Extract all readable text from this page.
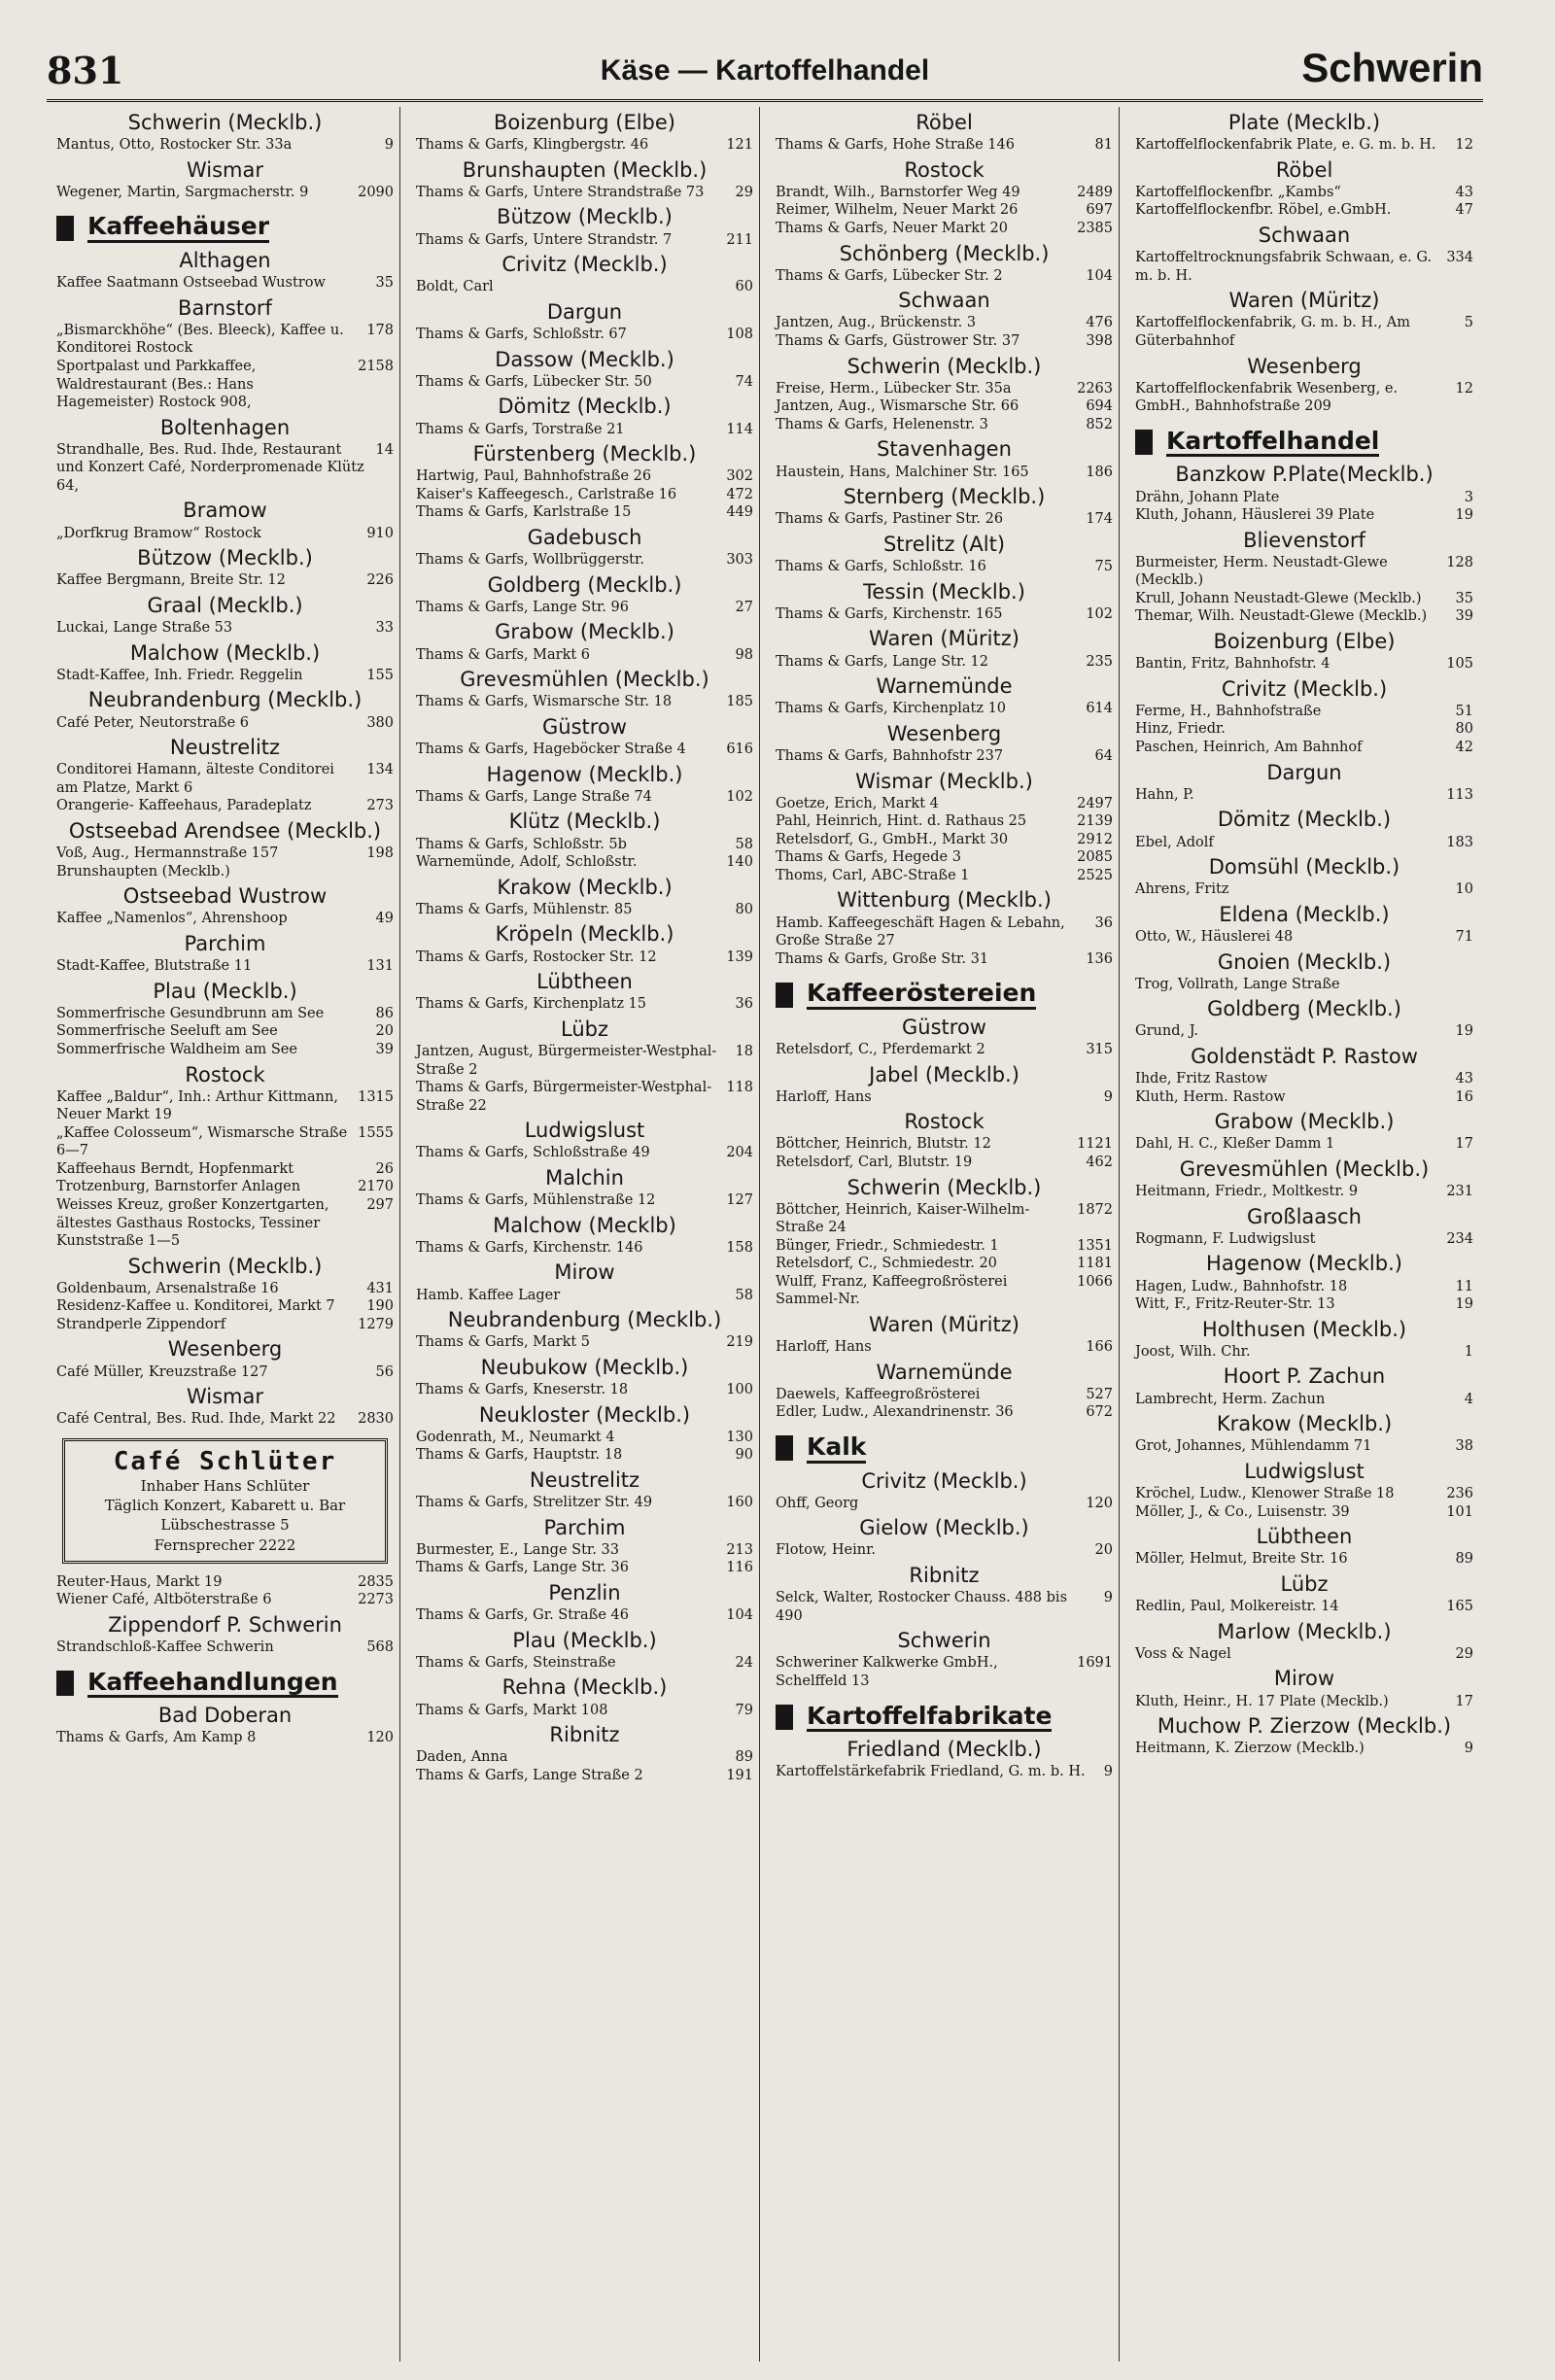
831	Käse — Kartoffelhandel	Schwerin
Schwerin (Mecklb.)
Mantus, Otto, Rostocker Str. 33a	9
Wismar
Wegener, Martin, Sargmacherstr. 9	2090
Kaffeehäuser
Althagen
Kaffee Saatmann Ostseebad Wustrow	35
Barnstorf
„Bismarckhöhe“ (Bes. Bleeck), Kaffee u. Konditorei Rostock
178
Sportpalast und Parkkaffee, Waldrestaurant (Bes.: Hans Hagemeister) Rostock 908,
2158
Boltenhagen
Strandhalle, Bes. Rud. Ihde, Restaurant und Konzert Café, Norderpromenade Klütz 64,
14
Bramow
„Dorfkrug Bramow“ Rostock	910
Bützow (Mecklb.)
Kaffee Bergmann, Breite Str. 12	226
Graal (Mecklb.)
Luckai, Lange Straße 53	33
Malchow (Mecklb.)
Stadt-Kaffee, Inh. Friedr. Reggelin	155
Neubrandenburg (Mecklb.)
Café Peter, Neutorstraße 6	380
Neustrelitz
Conditorei Hamann, älteste Conditorei am Platze, Markt 6
134
Orangerie- Kaffeehaus, Paradeplatz	273
Ostseebad Arendsee (Mecklb.)
Voß, Aug., Hermannstraße 157 Brunshaupten (Mecklb.)
198
Ostseebad Wustrow
Kaffee „Namenlos“, Ahrenshoop	49
Parchim
Stadt-Kaffee, Blutstraße 11	131
Plau (Mecklb.)
Sommerfrische Gesundbrunn am See	86
Sommerfrische Seeluft am See	20
Sommerfrische Waldheim am See	39
Rostock
Kaffee „Baldur“, Inh.: Arthur Kittmann, Neuer Markt 19
1315
„Kaffee Colosseum“, Wismarsche Straße 6—7
1555
Kaffeehaus Berndt, Hopfenmarkt	26
Trotzenburg, Barnstorfer Anlagen	2170
Weisses Kreuz, großer Konzertgarten, ältestes Gasthaus Rostocks, Tessiner Kunststraße 1—5
297
Schwerin (Mecklb.)
Goldenbaum, Arsenalstraße 16	431
Residenz-Kaffee u. Konditorei, Markt 7	190
Strandperle Zippendorf	1279
Wesenberg
Café Müller, Kreuzstraße 127	56
Wismar
Café Central, Bes. Rud. Ihde, Markt 22	2830
Café Schlüter
Inhaber Hans Schlüter
Täglich Konzert, Kabarett u. Bar
Lübschestrasse 5
Fernsprecher 2222
Reuter-Haus, Markt 19	2835
Wiener Café, Altböterstraße 6	2273
Zippendorf P. Schwerin
Strandschloß-Kaffee Schwerin	568
Kaffeehandlungen
Bad Doberan
Thams & Garfs, Am Kamp 8	120
Boizenburg (Elbe)
Thams & Garfs, Klingbergstr. 46	121
Brunshaupten (Mecklb.)
Thams & Garfs, Untere Strandstraße 73	29
Bützow (Mecklb.)
Thams & Garfs, Untere Strandstr. 7	211
Crivitz (Mecklb.)
Boldt, Carl	60
Dargun
Thams & Garfs, Schloßstr. 67	108
Dassow (Mecklb.)
Thams & Garfs, Lübecker Str. 50	74
Dömitz (Mecklb.)
Thams & Garfs, Torstraße 21	114
Fürstenberg (Mecklb.)
Hartwig, Paul, Bahnhofstraße 26	302
Kaiser's Kaffeegesch., Carlstraße 16	472
Thams & Garfs, Karlstraße 15	449
Gadebusch
Thams & Garfs, Wollbrüggerstr.	303
Goldberg (Mecklb.)
Thams & Garfs, Lange Str. 96	27
Grabow (Mecklb.)
Thams & Garfs, Markt 6	98
Grevesmühlen (Mecklb.)
Thams & Garfs, Wismarsche Str. 18	185
Güstrow
Thams & Garfs, Hageböcker Straße 4	616
Hagenow (Mecklb.)
Thams & Garfs, Lange Straße 74	102
Klütz (Mecklb.)
Thams & Garfs, Schloßstr. 5b	58
Warnemünde, Adolf, Schloßstr.	140
Krakow (Mecklb.)
Thams & Garfs, Mühlenstr. 85	80
Kröpeln (Mecklb.)
Thams & Garfs, Rostocker Str. 12	139
Lübtheen
Thams & Garfs, Kirchenplatz 15	36
Lübz
Jantzen, August, Bürgermeister-Westphal-Straße 2
18
Thams & Garfs, Bürgermeister-Westphal-Straße 22
118
Ludwigslust
Thams & Garfs, Schloßstraße 49	204
Malchin
Thams & Garfs, Mühlenstraße 12	127
Malchow (Mecklb)
Thams & Garfs, Kirchenstr. 146	158
Mirow
Hamb. Kaffee Lager	58
Neubrandenburg (Mecklb.)
Thams & Garfs, Markt 5	219
Neubukow (Mecklb.)
Thams & Garfs, Kneserstr. 18	100
Neukloster (Mecklb.)
Godenrath, M., Neumarkt 4	130
Thams & Garfs, Hauptstr. 18	90
Neustrelitz
Thams & Garfs, Strelitzer Str. 49	160
Parchim
Burmester, E., Lange Str. 33	213
Thams & Garfs, Lange Str. 36	116
Penzlin
Thams & Garfs, Gr. Straße 46	104
Plau (Mecklb.)
Thams & Garfs, Steinstraße	24
Rehna (Mecklb.)
Thams & Garfs, Markt 108	79
Ribnitz
Daden, Anna	89
Thams & Garfs, Lange Straße 2	191
Röbel
Thams & Garfs, Hohe Straße 146	81
Rostock
Brandt, Wilh., Barnstorfer Weg 49	2489
Reimer, Wilhelm, Neuer Markt 26	697
Thams & Garfs, Neuer Markt 20	2385
Schönberg (Mecklb.)
Thams & Garfs, Lübecker Str. 2	104
Schwaan
Jantzen, Aug., Brückenstr. 3	476
Thams & Garfs, Güstrower Str. 37	398
Schwerin (Mecklb.)
Freise, Herm., Lübecker Str. 35a	2263
Jantzen, Aug., Wismarsche Str. 66	694
Thams & Garfs, Helenenstr. 3	852
Stavenhagen
Haustein, Hans, Malchiner Str. 165	186
Sternberg (Mecklb.)
Thams & Garfs, Pastiner Str. 26	174
Strelitz (Alt)
Thams & Garfs, Schloßstr. 16	75
Tessin (Mecklb.)
Thams & Garfs, Kirchenstr. 165	102
Waren (Müritz)
Thams & Garfs, Lange Str. 12	235
Warnemünde
Thams & Garfs, Kirchenplatz 10	614
Wesenberg
Thams & Garfs, Bahnhofstr 237	64
Wismar (Mecklb.)
Goetze, Erich, Markt 4	2497
Pahl, Heinrich, Hint. d. Rathaus 25	2139
Retelsdorf, G., GmbH., Markt 30	2912
Thams & Garfs, Hegede 3	2085
Thoms, Carl, ABC-Straße 1	2525
Wittenburg (Mecklb.)
Hamb. Kaffeegeschäft Hagen & Lebahn, Große Straße 27
36
Thams & Garfs, Große Str. 31	136
Kaffeeröstereien
Güstrow
Retelsdorf, C., Pferdemarkt 2	315
Jabel (Mecklb.)
Harloff, Hans	9
Rostock
Böttcher, Heinrich, Blutstr. 12	1121
Retelsdorf, Carl, Blutstr. 19	462
Schwerin (Mecklb.)
Böttcher, Heinrich, Kaiser-Wilhelm-Straße 24
1872
Bünger, Friedr., Schmiedestr. 1	1351
Retelsdorf, C., Schmiedestr. 20	1181
Wulff, Franz, Kaffeegroßrösterei Sammel-Nr.
1066
Waren (Müritz)
Harloff, Hans	166
Warnemünde
Daewels, Kaffeegroßrösterei	527
Edler, Ludw., Alexandrinenstr. 36	672
Kalk
Crivitz (Mecklb.)
Ohff, Georg	120
Gielow (Mecklb.)
Flotow, Heinr.	20
Ribnitz
Selck, Walter, Rostocker Chauss. 488 bis 490
9
Schwerin
Schweriner Kalkwerke GmbH., Schelffeld 13
1691
Kartoffelfabrikate
Friedland (Mecklb.)
Kartoffelstärkefabrik Friedland, G. m. b. H.	9
Plate (Mecklb.)
Kartoffelflockenfabrik Plate, e. G. m. b. H.	12
Röbel
Kartoffelflockenfbr. „Kambs“	43
Kartoffelflockenfbr. Röbel, e.GmbH.	47
Schwaan
Kartoffeltrocknungsfabrik Schwaan, e. G. m. b. H.
334
Waren (Müritz)
Kartoffelflockenfabrik, G. m. b. H., Am Güterbahnhof
5
Wesenberg
Kartoffelflockenfabrik Wesenberg, e. GmbH., Bahnhofstraße 209
12
Kartoffelhandel
Banzkow P.Plate(Mecklb.)
Drähn, Johann Plate	3
Kluth, Johann, Häuslerei 39 Plate	19
Blievenstorf
Burmeister, Herm. Neustadt-Glewe (Mecklb.)
128
Krull, Johann Neustadt-Glewe (Mecklb.)	35
Themar, Wilh. Neustadt-Glewe (Mecklb.)	39
Boizenburg (Elbe)
Bantin, Fritz, Bahnhofstr. 4	105
Crivitz (Mecklb.)
Ferme, H., Bahnhofstraße	51
Hinz, Friedr.	80
Paschen, Heinrich, Am Bahnhof	42
Dargun
Hahn, P.	113
Dömitz (Mecklb.)
Ebel, Adolf	183
Domsühl (Mecklb.)
Ahrens, Fritz	10
Eldena (Mecklb.)
Otto, W., Häuslerei 48	71
Gnoien (Mecklb.)
Trog, Vollrath, Lange Straße
Goldberg (Mecklb.)
Grund, J.	19
Goldenstädt P. Rastow
Ihde, Fritz Rastow	43
Kluth, Herm. Rastow	16
Grabow (Mecklb.)
Dahl, H. C., Kleßer Damm 1	17
Grevesmühlen (Mecklb.)
Heitmann, Friedr., Moltkestr. 9	231
Großlaasch
Rogmann, F. Ludwigslust	234
Hagenow (Mecklb.)
Hagen, Ludw., Bahnhofstr. 18	11
Witt, F., Fritz-Reuter-Str. 13	19
Holthusen (Mecklb.)
Joost, Wilh. Chr.	1
Hoort P. Zachun
Lambrecht, Herm. Zachun	4
Krakow (Mecklb.)
Grot, Johannes, Mühlendamm 71	38
Ludwigslust
Kröchel, Ludw., Klenower Straße 18	236
Möller, J., & Co., Luisenstr. 39	101
Lübtheen
Möller, Helmut, Breite Str. 16	89
Lübz
Redlin, Paul, Molkereistr. 14	165
Marlow (Mecklb.)
Voss & Nagel	29
Mirow
Kluth, Heinr., H. 17 Plate (Mecklb.)	17
Muchow P. Zierzow (Mecklb.)
Heitmann, K. Zierzow (Mecklb.)	9
